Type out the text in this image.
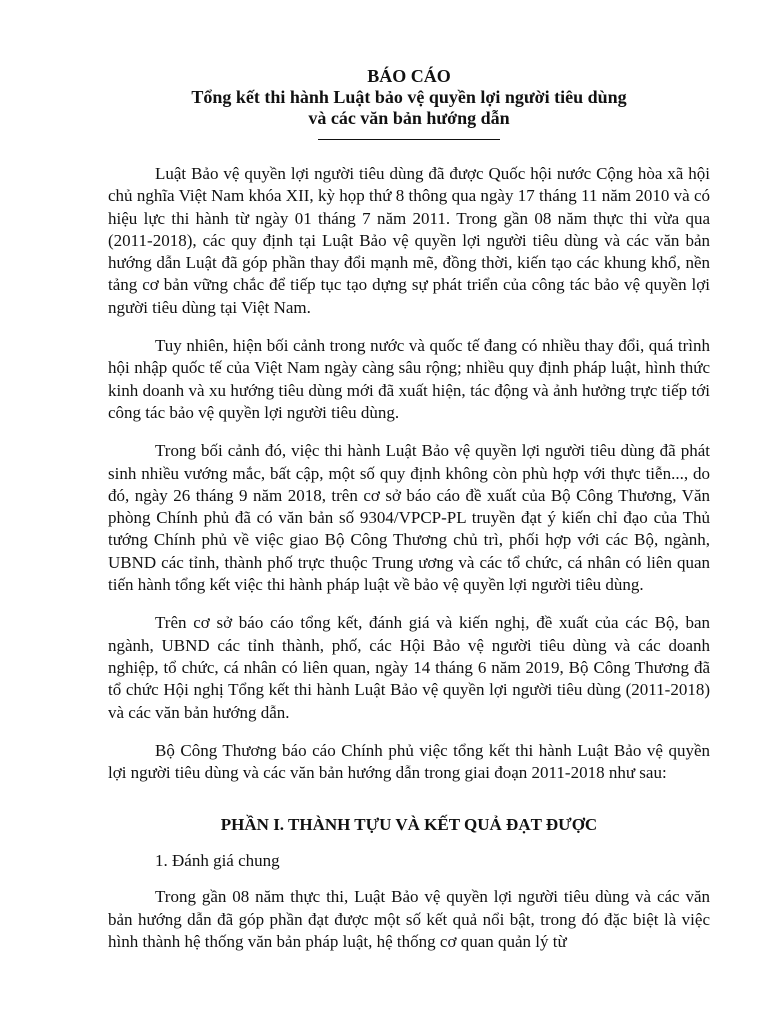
BÁO CÁO

Tổng kết thi hành Luật bảo vệ quyền lợi người tiêu dùng

và các văn bản hướng dẫn

Luật Bảo vệ quyền lợi người tiêu dùng đã được Quốc hội nước Cộng hòa xã hội chủ nghĩa Việt Nam khóa XII, kỳ họp thứ 8 thông qua ngày 17 tháng 11 năm 2010 và có hiệu lực thi hành từ ngày 01 tháng 7 năm 2011. Trong gần 08 năm thực thi vừa qua (2011-2018), các quy định tại Luật Bảo vệ quyền lợi người tiêu dùng và các văn bản hướng dẫn Luật đã góp phần thay đổi mạnh mẽ, đồng thời, kiến tạo các khung khổ, nền tảng cơ bản vững chắc để tiếp tục tạo dựng sự phát triển của công tác bảo vệ quyền lợi người tiêu dùng tại Việt Nam.

Tuy nhiên, hiện bối cảnh trong nước và quốc tế đang có nhiều thay đổi, quá trình hội nhập quốc tế của Việt Nam ngày càng sâu rộng; nhiều quy định pháp luật, hình thức kinh doanh và xu hướng tiêu dùng mới đã xuất hiện, tác động và ảnh hưởng trực tiếp tới công tác bảo vệ quyền lợi người tiêu dùng.

Trong bối cảnh đó, việc thi hành Luật Bảo vệ quyền lợi người tiêu dùng đã phát sinh nhiều vướng mắc, bất cập, một số quy định không còn phù hợp với thực tiễn..., do đó, ngày 26 tháng 9 năm 2018, trên cơ sở báo cáo đề xuất của Bộ Công Thương, Văn phòng Chính phủ đã có văn bản số 9304/VPCP-PL truyền đạt ý kiến chỉ đạo của Thủ tướng Chính phủ về việc giao Bộ Công Thương chủ trì, phối hợp với các Bộ, ngành, UBND các tỉnh, thành phố trực thuộc Trung ương và các tổ chức, cá nhân có liên quan tiến hành tổng kết việc thi hành pháp luật về bảo vệ quyền lợi người tiêu dùng.

Trên cơ sở báo cáo tổng kết, đánh giá và kiến nghị, đề xuất của các Bộ, ban ngành, UBND các tỉnh thành, phố, các Hội Bảo vệ người tiêu dùng và các doanh nghiệp, tổ chức, cá nhân có liên quan, ngày 14 tháng 6 năm 2019, Bộ Công Thương đã tổ chức Hội nghị Tổng kết thi hành Luật Bảo vệ quyền lợi người tiêu dùng (2011-2018) và các văn bản hướng dẫn.

Bộ Công Thương báo cáo Chính phủ việc tổng kết thi hành Luật Bảo vệ quyền lợi người tiêu dùng và các văn bản hướng dẫn trong giai đoạn 2011-2018 như sau:

PHẦN I. THÀNH TỰU VÀ KẾT QUẢ ĐẠT ĐƯỢC

1. Đánh giá chung

Trong gần 08 năm thực thi, Luật Bảo vệ quyền lợi người tiêu dùng và các văn bản hướng dẫn đã góp phần đạt được một số kết quả nổi bật, trong đó đặc biệt là việc hình thành hệ thống văn bản pháp luật, hệ thống cơ quan quản lý từ
